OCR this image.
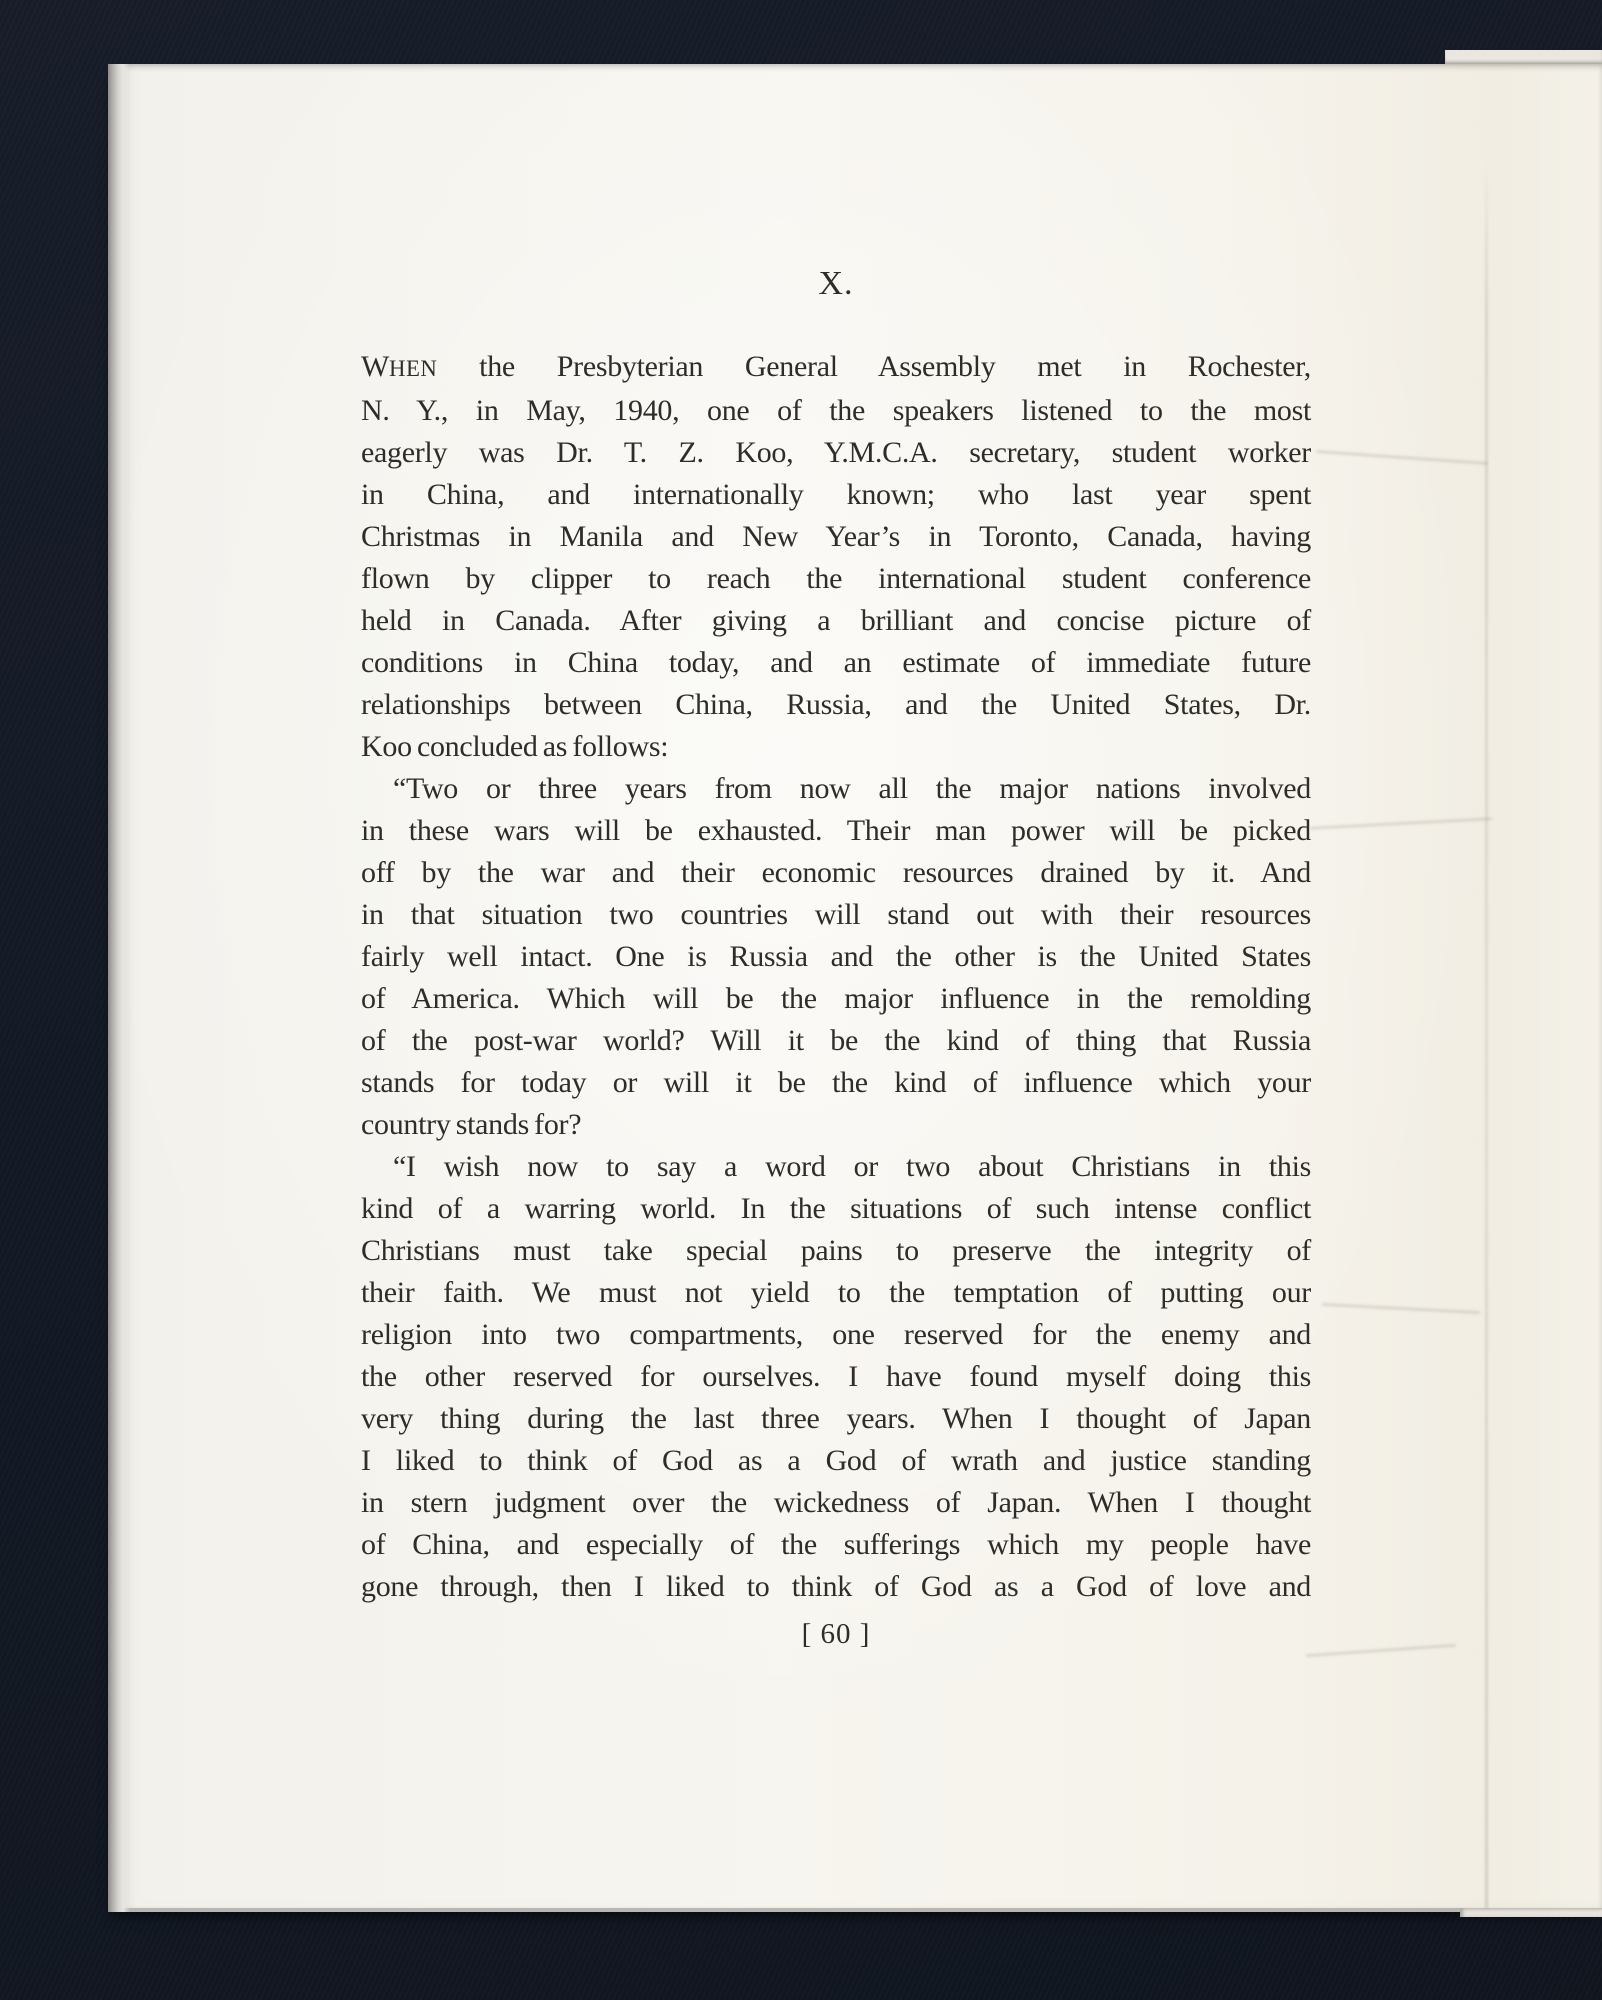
X.
WHEN the Presbyterian General Assembly met in Rochester,
N. Y., in May, 1940, one of the speakers listened to the most
eagerly was Dr. T. Z. Koo, Y.M.C.A. secretary, student worker
in China, and internationally known; who last year spent
Christmas in Manila and New Year’s in Toronto, Canada, having
flown by clipper to reach the international student conference
held in Canada. After giving a brilliant and concise picture of
conditions in China today, and an estimate of immediate future
relationships between China, Russia, and the United States, Dr.
Koo concluded as follows:
“Two or three years from now all the major nations involved
in these wars will be exhausted. Their man power will be picked
off by the war and their economic resources drained by it. And
in that situation two countries will stand out with their resources
fairly well intact. One is Russia and the other is the United States
of America. Which will be the major influence in the remolding
of the post-war world? Will it be the kind of thing that Russia
stands for today or will it be the kind of influence which your
country stands for?
“I wish now to say a word or two about Christians in this
kind of a warring world. In the situations of such intense conflict
Christians must take special pains to preserve the integrity of
their faith. We must not yield to the temptation of putting our
religion into two compartments, one reserved for the enemy and
the other reserved for ourselves. I have found myself doing this
very thing during the last three years. When I thought of Japan
I liked to think of God as a God of wrath and justice standing
in stern judgment over the wickedness of Japan. When I thought
of China, and especially of the sufferings which my people have
gone through, then I liked to think of God as a God of love and
[ 60 ]
